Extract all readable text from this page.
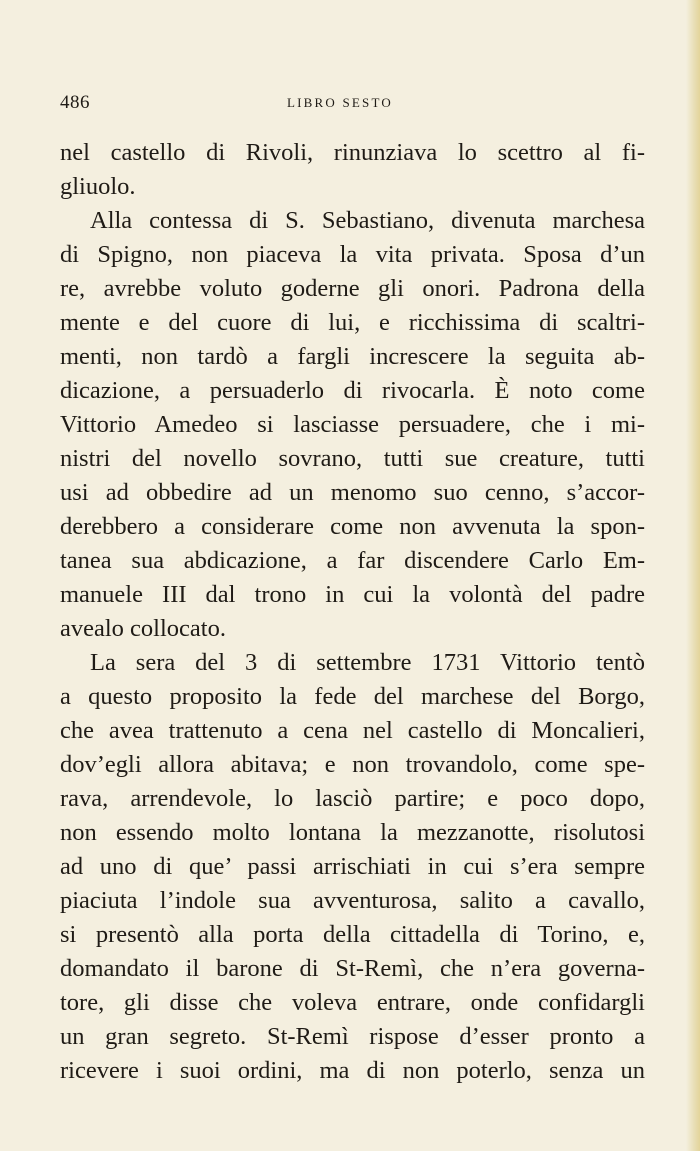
486	LIBRO SESTO
nel castello di Rivoli, rinunziava lo scettro al fi-
gliuolo.
Alla contessa di S. Sebastiano, divenuta marchesa
di Spigno, non piaceva la vita privata. Sposa d’un
re, avrebbe voluto goderne gli onori. Padrona della
mente e del cuore di lui, e ricchissima di scaltri-
menti, non tardò a fargli increscere la seguita ab-
dicazione, a persuaderlo di rivocarla. È noto come
Vittorio Amedeo si lasciasse persuadere, che i mi-
nistri del novello sovrano, tutti sue creature, tutti
usi ad obbedire ad un menomo suo cenno, s’accor-
derebbero a considerare come non avvenuta la spon-
tanea sua abdicazione, a far discendere Carlo Em-
manuele III dal trono in cui la volontà del padre
avealo collocato.
La sera del 3 di settembre 1731 Vittorio tentò
a questo proposito la fede del marchese del Borgo,
che avea trattenuto a cena nel castello di Moncalieri,
dov’egli allora abitava; e non trovandolo, come spe-
rava, arrendevole, lo lasciò partire; e poco dopo,
non essendo molto lontana la mezzanotte, risolutosi
ad uno di que’ passi arrischiati in cui s’era sempre
piaciuta l’indole sua avventurosa, salito a cavallo,
si presentò alla porta della cittadella di Torino, e,
domandato il barone di St-Remì, che n’era governa-
tore, gli disse che voleva entrare, onde confidargli
un gran segreto. St-Remì rispose d’esser pronto a
ricevere i suoi ordini, ma di non poterlo, senza un
